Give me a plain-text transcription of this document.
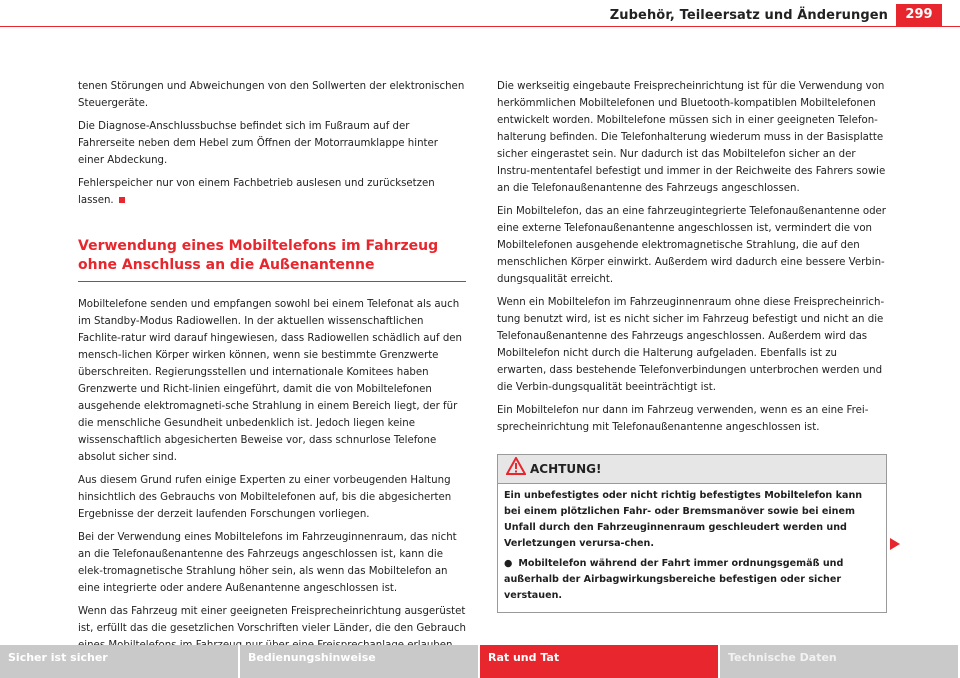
Zubehör, Teileersatz und Änderungen	299

tenen Störungen und Abweichungen von den Sollwerten der elektronischen Steuergeräte.

Die Diagnose-Anschlussbuchse befindet sich im Fußraum auf der Fahrerseite neben dem Hebel zum Öffnen der Motorraumklappe hinter einer Abdeckung.

Fehlerspeicher nur von einem Fachbetrieb auslesen und zurücksetzen lassen.

Verwendung eines Mobiltelefons im Fahrzeug ohne Anschluss an die Außenantenne

Mobiltelefone senden und empfangen sowohl bei einem Telefonat als auch im Standby-Modus Radiowellen. In der aktuellen wissenschaftlichen Fachlite-ratur wird darauf hingewiesen, dass Radiowellen schädlich auf den mensch-lichen Körper wirken können, wenn sie bestimmte Grenzwerte überschreiten. Regierungsstellen und internationale Komitees haben Grenzwerte und Richt-linien eingeführt, damit die von Mobiltelefonen ausgehende elektromagneti-sche Strahlung in einem Bereich liegt, der für die menschliche Gesundheit unbedenklich ist. Jedoch liegen keine wissenschaftlich abgesicherten Beweise vor, dass schnurlose Telefone absolut sicher sind.

Aus diesem Grund rufen einige Experten zu einer vorbeugenden Haltung hinsichtlich des Gebrauchs von Mobiltelefonen auf, bis die abgesicherten Ergebnisse der derzeit laufenden Forschungen vorliegen.

Bei der Verwendung eines Mobiltelefons im Fahrzeuginnenraum, das nicht an die Telefonaußenantenne des Fahrzeugs angeschlossen ist, kann die elek-tromagnetische Strahlung höher sein, als wenn das Mobiltelefon an eine integrierte oder andere Außenantenne angeschlossen ist.

Wenn das Fahrzeug mit einer geeigneten Freisprecheinrichtung ausgerüstet ist, erfüllt das die gesetzlichen Vorschriften vieler Länder, die den Gebrauch

Die werkseitig eingebaute Freisprecheinrichtung ist für die Verwendung von herkömmlichen Mobiltelefonen und Bluetooth-kompatiblen Mobiltelefonen entwickelt worden. Mobiltelefone müssen sich in einer geeigneten Telefon-halterung befinden. Die Telefonhalterung wiederum muss in der Basisplatte sicher eingerastet sein. Nur dadurch ist das Mobiltelefon sicher an der Instru-mententafel befestigt und immer in der Reichweite des Fahrers sowie an die Telefonaußenantenne des Fahrzeugs angeschlossen.

Ein Mobiltelefon, das an eine fahrzeugintegrierte Telefonaußenantenne oder eine externe Telefonaußenantenne angeschlossen ist, vermindert die von Mobiltelefonen ausgehende elektromagnetische Strahlung, die auf den menschlichen Körper einwirkt. Außerdem wird dadurch eine bessere Verbin-dungsqualität erreicht.

Wenn ein Mobiltelefon im Fahrzeuginnenraum ohne diese Freisprecheinrich-tung benutzt wird, ist es nicht sicher im Fahrzeug befestigt und nicht an die Telefonaußenantenne des Fahrzeugs angeschlossen. Außerdem wird das Mobiltelefon nicht durch die Halterung aufgeladen. Ebenfalls ist zu erwarten, dass bestehende Telefonverbindungen unterbrochen werden und die Verbin-dungsqualität beeinträchtigt ist.

Ein Mobiltelefon nur dann im Fahrzeug verwenden, wenn es an eine Frei-sprecheinrichtung mit Telefonaußenantenne angeschlossen ist.

ACHTUNG!

Ein unbefestigtes oder nicht richtig befestigtes Mobiltelefon kann bei einem plötzlichen Fahr- oder Bremsmanöver sowie bei einem Unfall durch den Fahrzeuginnenraum geschleudert werden und Verletzungen verursa-chen.

● Mobiltelefon während der Fahrt immer ordnungsgemäß und außerhalb der Airbagwirkungsbereiche befestigen oder sicher verstauen.

Sicher ist sicher	Bedienungshinweise	Rat und Tat	Technische Daten
